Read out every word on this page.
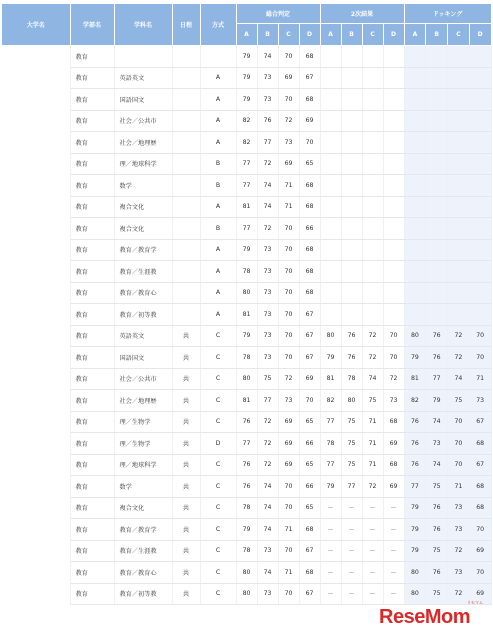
大学名	学部名	学科名	日程	方式	総合判定				2次結果				ドッキング			
					A	B	C	D	A	B	C	D	A	B	C	D
	教育				79	74	70	68								
	教育	英語英文		A	79	73	69	67								
	教育	国語国文		A	79	73	70	68								
	教育	社会／公共市		A	82	76	72	69								
	教育	社会／地理歴		A	82	77	73	70								
	教育	理／地球科学		B	77	72	69	65								
	教育	数学		B	77	74	71	68								
	教育	複合文化		A	81	74	71	68								
	教育	複合文化		B	77	72	70	66								
	教育	教育／教育学		A	79	73	70	68								
	教育	教育／生涯教		A	78	73	70	68								
	教育	教育／教育心		A	80	73	70	68								
	教育	教育／初等教		A	81	73	70	67								
	教育	英語英文	共	C	79	73	70	67	80	76	72	70	80	76	72	70
	教育	国語国文	共	C	78	73	70	67	79	76	72	70	79	76	72	70
	教育	社会／公共市	共	C	80	75	72	69	81	78	74	72	81	77	74	71
	教育	社会／地理歴	共	C	81	77	73	70	82	80	75	73	82	79	75	73
	教育	理／生物学	共	C	76	72	69	65	77	75	71	68	76	74	70	67
	教育	理／生物学	共	D	77	72	69	66	78	75	71	69	76	73	70	68
	教育	理／地球科学	共	C	76	72	69	65	77	75	71	68	76	74	70	67
	教育	数学	共	C	76	74	70	66	79	77	72	69	77	75	71	68
	教育	複合文化	共	C	78	74	70	65	－	－	－	－	79	76	73	68
	教育	教育／教育学	共	C	79	74	71	68	－	－	－	－	79	76	73	70
	教育	教育／生涯教	共	C	78	73	70	67	－	－	－	－	79	75	72	69
	教育	教育／教育心	共	C	80	74	71	68	－	－	－	－	80	76	73	70
	教育	教育／初等教	共	C	80	73	70	67	－	－	－	－	80	75	72	69
ReseMom
リセマム
